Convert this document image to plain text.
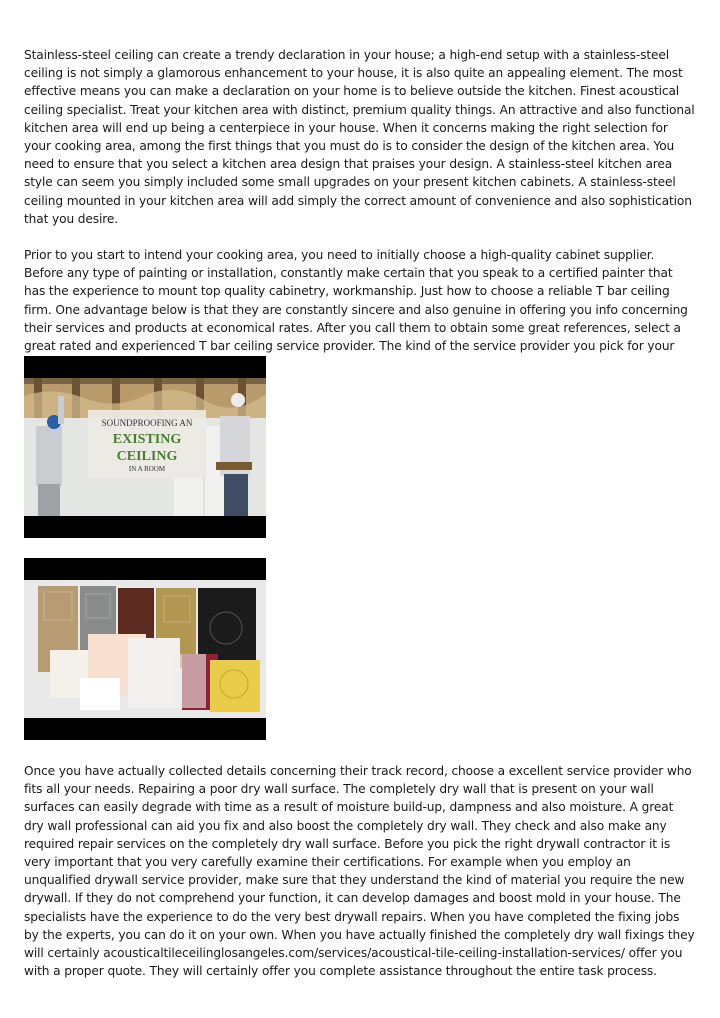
Stainless-steel ceiling can create a trendy declaration in your house; a high-end setup with a stainless-steel ceiling is not simply a glamorous enhancement to your house, it is also quite an appealing element. The most effective means you can make a declaration on your home is to believe outside the kitchen. Finest acoustical ceiling specialist. Treat your kitchen area with distinct, premium quality things. An attractive and also functional kitchen area will end up being a centerpiece in your house. When it concerns making the right selection for your cooking area, among the first things that you must do is to consider the design of the kitchen area. You need to ensure that you select a kitchen area design that praises your design. A stainless-steel kitchen area style can seem you simply included some small upgrades on your present kitchen cabinets. A stainless-steel ceiling mounted in your kitchen area will add simply the correct amount of convenience and also sophistication that you desire.

Prior to you start to intend your cooking area, you need to initially choose a high-quality cabinet supplier. Before any type of painting or installation, constantly make certain that you speak to a certified painter that has the experience to mount top quality cabinetry, workmanship. Just how to choose a reliable T bar ceiling firm. One advantage below is that they are constantly sincere and also genuine in offering you info concerning their services and products at economical rates. After you call them to obtain some great references, select a great rated and experienced T bar ceiling service provider. The kind of the service provider you pick for your

SOUNDPROOFING AN
EXISTING
CEILING
IN A ROOM

Once you have actually collected details concerning their track record, choose a excellent service provider who fits all your needs. Repairing a poor dry wall surface. The completely dry wall that is present on your wall surfaces can easily degrade with time as a result of moisture build-up, dampness and also moisture. A great dry wall professional can aid you fix and also boost the completely dry wall. They check and also make any required repair services on the completely dry wall surface. Before you pick the right drywall contractor it is very important that you very carefully examine their certifications. For example when you employ an unqualified drywall service provider, make sure that they understand the kind of material you require the new drywall. If they do not comprehend your function, it can develop damages and boost mold in your house. The specialists have the experience to do the very best drywall repairs. When you have completed the fixing jobs by the experts, you can do it on your own. When you have actually finished the completely dry wall fixings they will certainly acousticaltileceilinglosangeles.com/services/acoustical-tile-ceiling-installation-services/ offer you with a proper quote. They will certainly offer you complete assistance throughout the entire task process.
